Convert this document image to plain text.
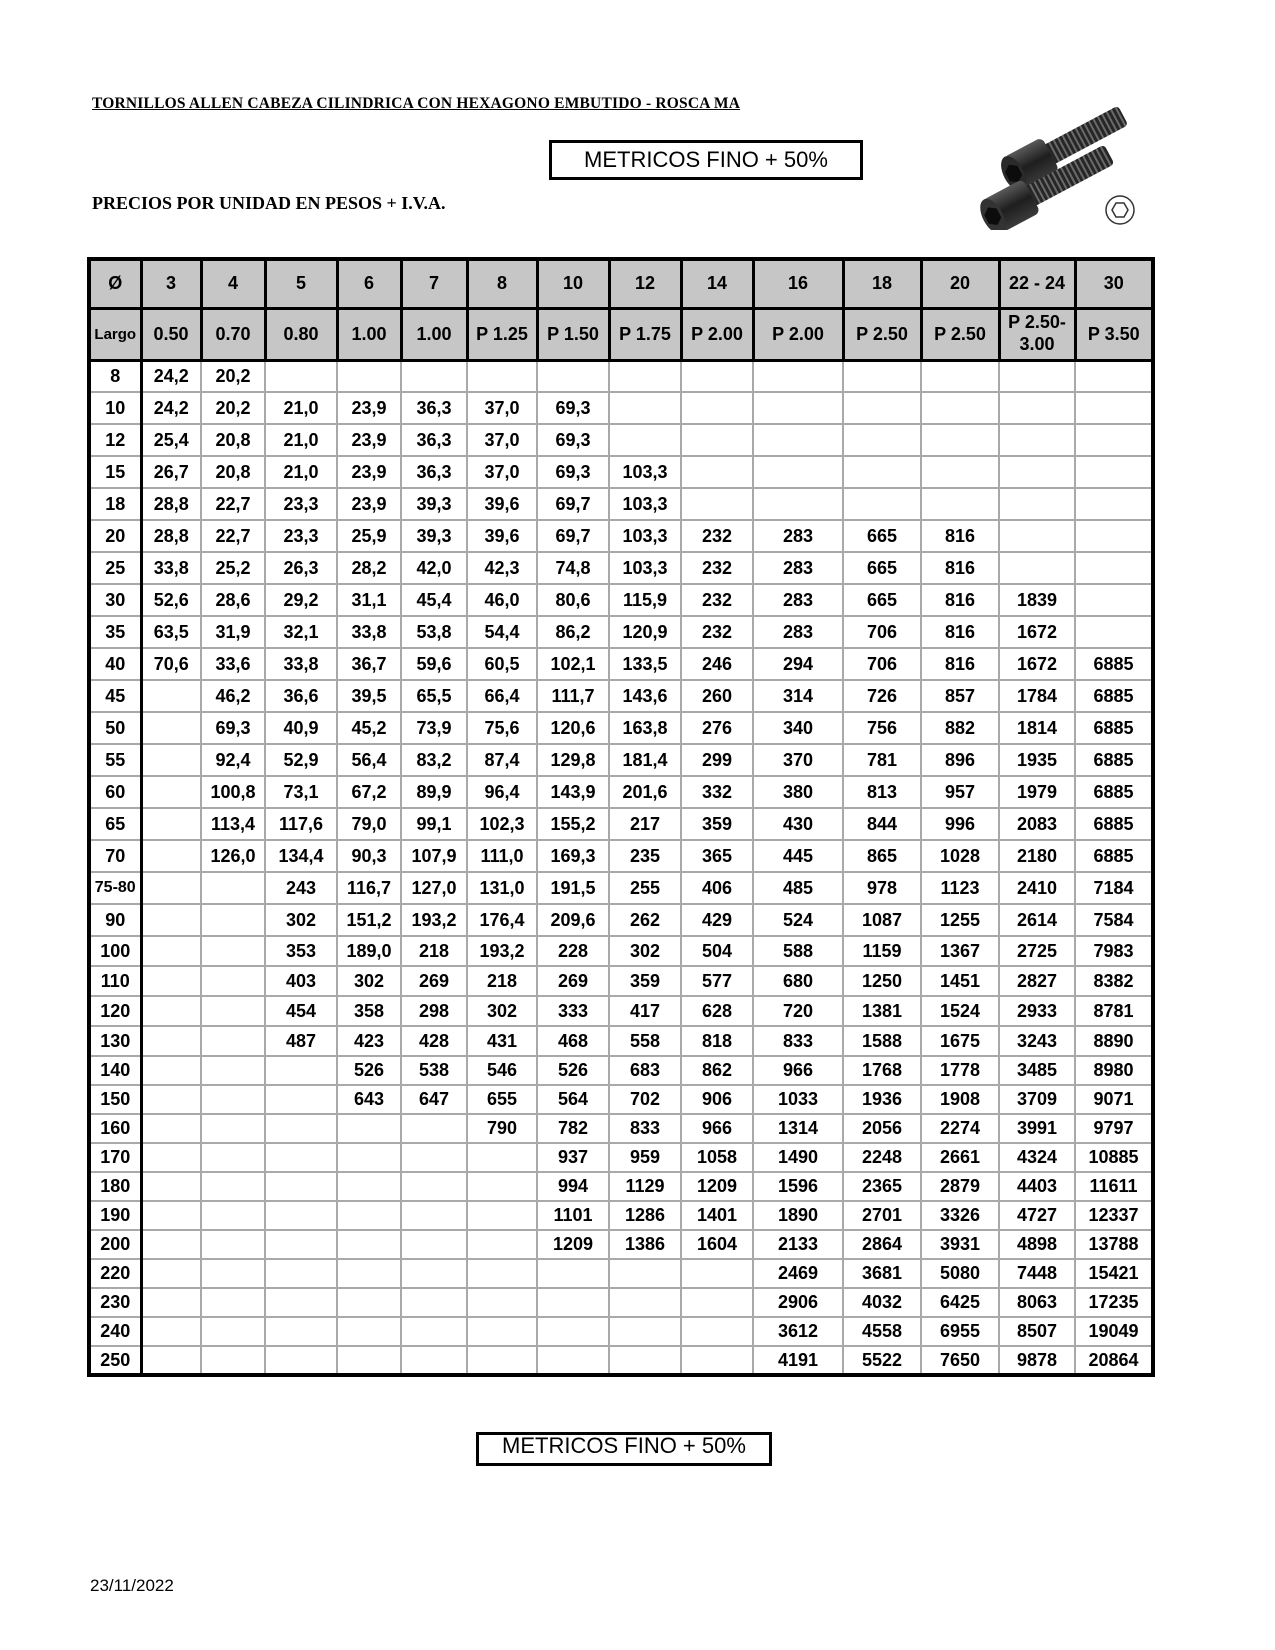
TORNILLOS ALLEN CABEZA CILINDRICA CON HEXAGONO EMBUTIDO - ROSCA MA
METRICOS FINO + 50%
PRECIOS POR UNIDAD EN PESOS + I.V.A.
Ø	3	4	5	6	7	8	10	12	14	16	18	20	22 - 24	30
Largo	0.50	0.70	0.80	1.00	1.00	P 1.25	P 1.50	P 1.75	P 2.00	P 2.00	P 2.50	P 2.50	P 2.50-3.00	P 3.50
8	24,2	20,2												
10	24,2	20,2	21,0	23,9	36,3	37,0	69,3							
12	25,4	20,8	21,0	23,9	36,3	37,0	69,3							
15	26,7	20,8	21,0	23,9	36,3	37,0	69,3	103,3						
18	28,8	22,7	23,3	23,9	39,3	39,6	69,7	103,3						
20	28,8	22,7	23,3	25,9	39,3	39,6	69,7	103,3	232	283	665	816		
25	33,8	25,2	26,3	28,2	42,0	42,3	74,8	103,3	232	283	665	816		
30	52,6	28,6	29,2	31,1	45,4	46,0	80,6	115,9	232	283	665	816	1839	
35	63,5	31,9	32,1	33,8	53,8	54,4	86,2	120,9	232	283	706	816	1672	
40	70,6	33,6	33,8	36,7	59,6	60,5	102,1	133,5	246	294	706	816	1672	6885
45		46,2	36,6	39,5	65,5	66,4	111,7	143,6	260	314	726	857	1784	6885
50		69,3	40,9	45,2	73,9	75,6	120,6	163,8	276	340	756	882	1814	6885
55		92,4	52,9	56,4	83,2	87,4	129,8	181,4	299	370	781	896	1935	6885
60		100,8	73,1	67,2	89,9	96,4	143,9	201,6	332	380	813	957	1979	6885
65		113,4	117,6	79,0	99,1	102,3	155,2	217	359	430	844	996	2083	6885
70		126,0	134,4	90,3	107,9	111,0	169,3	235	365	445	865	1028	2180	6885
75-80			243	116,7	127,0	131,0	191,5	255	406	485	978	1123	2410	7184
90			302	151,2	193,2	176,4	209,6	262	429	524	1087	1255	2614	7584
100			353	189,0	218	193,2	228	302	504	588	1159	1367	2725	7983
110			403	302	269	218	269	359	577	680	1250	1451	2827	8382
120			454	358	298	302	333	417	628	720	1381	1524	2933	8781
130			487	423	428	431	468	558	818	833	1588	1675	3243	8890
140				526	538	546	526	683	862	966	1768	1778	3485	8980
150				643	647	655	564	702	906	1033	1936	1908	3709	9071
160						790	782	833	966	1314	2056	2274	3991	9797
170							937	959	1058	1490	2248	2661	4324	10885
180							994	1129	1209	1596	2365	2879	4403	11611
190							1101	1286	1401	1890	2701	3326	4727	12337
200							1209	1386	1604	2133	2864	3931	4898	13788
220										2469	3681	5080	7448	15421
230										2906	4032	6425	8063	17235
240										3612	4558	6955	8507	19049
250										4191	5522	7650	9878	20864
METRICOS FINO + 50%
23/11/2022
